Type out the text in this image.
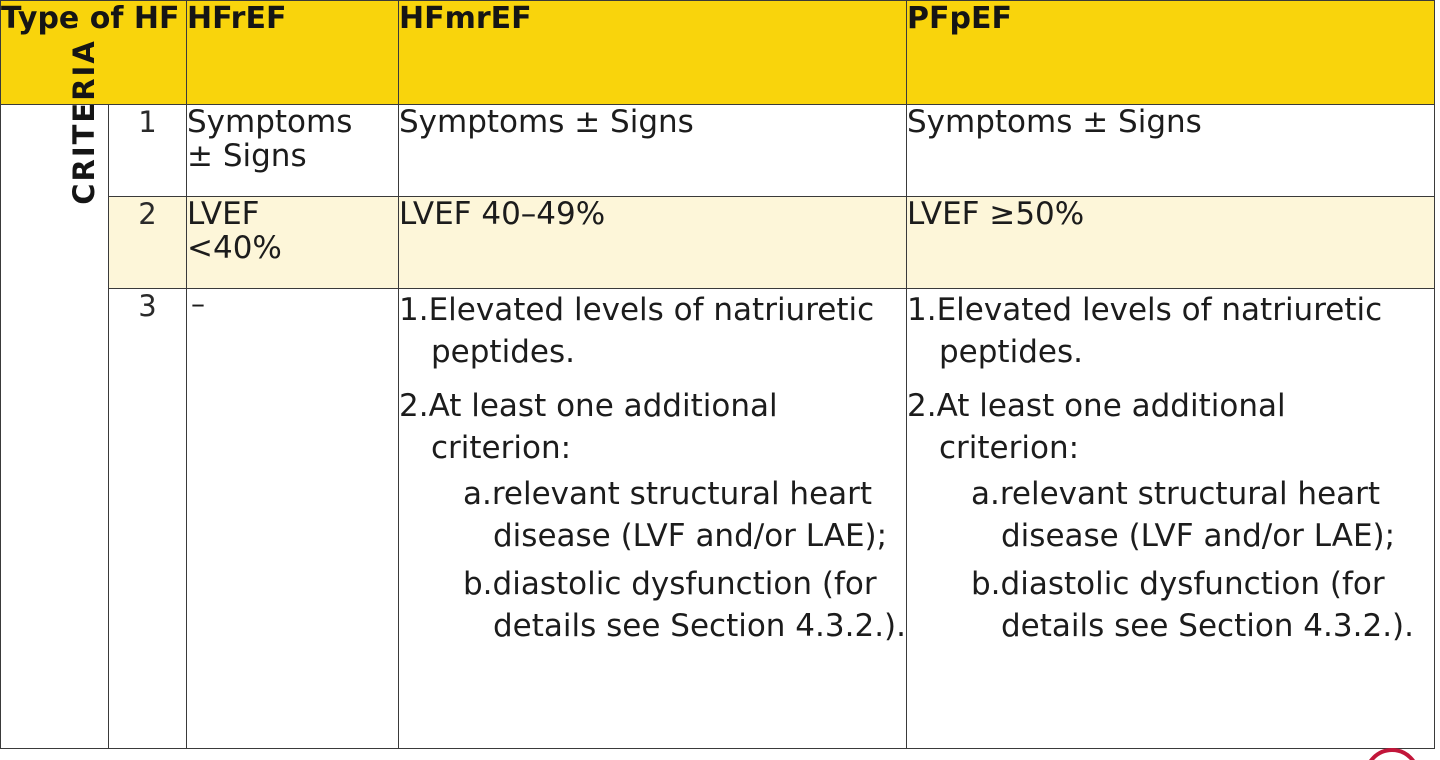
Type of HF		HFrEF	HFmrEF	PFpEF
CRITERIA	1	Symptoms
± Signs	Symptoms ± Signs	Symptoms ± Signs
	2	LVEF
<40%	LVEF 40–49%	LVEF ≥50%
	3	–	1.Elevated levels of natriuretic peptides.
2.At least one additional criterion:
a.relevant structural heart disease (LVF and/or LAE);
b.diastolic dysfunction (for details see Section 4.3.2.).	1.Elevated levels of natriuretic peptides.
2.At least one additional criterion:
a.relevant structural heart disease (LVF and/or LAE);
b.diastolic dysfunction (for details see Section 4.3.2.).
